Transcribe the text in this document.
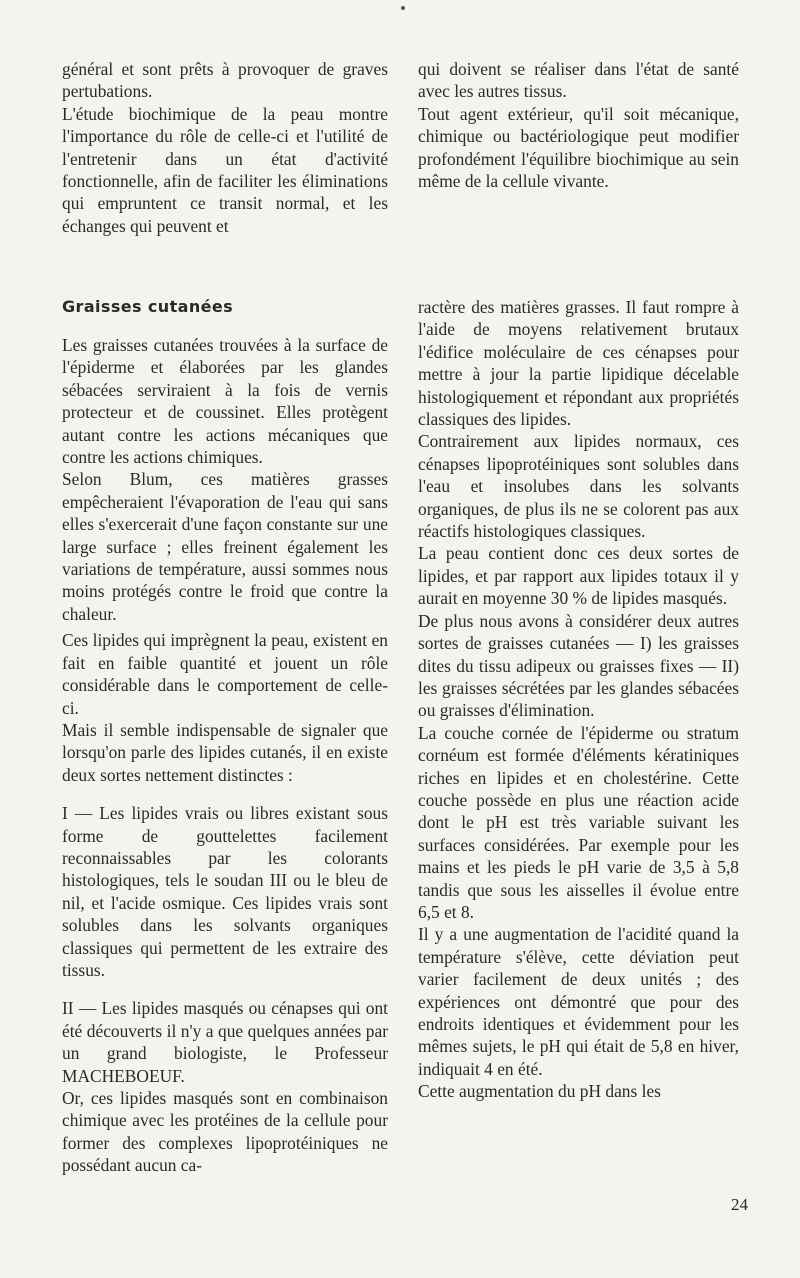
général et sont prêts à provoquer de graves pertubations.

L'étude biochimique de la peau montre l'importance du rôle de celle-ci et l'utilité de l'entretenir dans un état d'activité fonctionnelle, afin de faciliter les éliminations qui empruntent ce transit normal, et les échanges qui peuvent et

qui doivent se réaliser dans l'état de santé avec les autres tissus.

Tout agent extérieur, qu'il soit mécanique, chimique ou bactériologique peut modifier profondément l'équilibre biochimique au sein même de la cellule vivante.

Graisses cutanées

Les graisses cutanées trouvées à la surface de l'épiderme et élaborées par les glandes sébacées serviraient à la fois de vernis protecteur et de coussinet. Elles protègent autant contre les actions mécaniques que contre les actions chimiques.

Selon Blum, ces matières grasses empêcheraient l'évaporation de l'eau qui sans elles s'exercerait d'une façon constante sur une large surface ; elles freinent également les variations de température, aussi sommes nous moins protégés contre le froid que contre la chaleur.

Ces lipides qui imprègnent la peau, existent en fait en faible quantité et jouent un rôle considérable dans le comportement de celle-ci.

Mais il semble indispensable de signaler que lorsqu'on parle des lipides cutanés, il en existe deux sortes nettement distinctes :

I — Les lipides vrais ou libres existant sous forme de gouttelettes facilement reconnaissables par les colorants histologiques, tels le soudan III ou le bleu de nil, et l'acide osmique. Ces lipides vrais sont solubles dans les solvants organiques classiques qui permettent de les extraire des tissus.

II — Les lipides masqués ou cénapses qui ont été découverts il n'y a que quelques années par un grand biologiste, le Professeur MACHEBOEUF.

Or, ces lipides masqués sont en combinaison chimique avec les protéines de la cellule pour former des complexes lipoprotéiniques ne possédant aucun ca-

ractère des matières grasses. Il faut rompre à l'aide de moyens relativement brutaux l'édifice moléculaire de ces cénapses pour mettre à jour la partie lipidique décelable histologiquement et répondant aux propriétés classiques des lipides.

Contrairement aux lipides normaux, ces cénapses lipoprotéiniques sont solubles dans l'eau et insolubes dans les solvants organiques, de plus ils ne se colorent pas aux réactifs histologiques classiques.

La peau contient donc ces deux sortes de lipides, et par rapport aux lipides totaux il y aurait en moyenne 30 % de lipides masqués.

De plus nous avons à considérer deux autres sortes de graisses cutanées — I) les graisses dites du tissu adipeux ou graisses fixes — II) les graisses sécrétées par les glandes sébacées ou graisses d'élimination.

La couche cornée de l'épiderme ou stratum cornéum est formée d'éléments kératiniques riches en lipides et en cholestérine. Cette couche possède en plus une réaction acide dont le pH est très variable suivant les surfaces considérées. Par exemple pour les mains et les pieds le pH varie de 3,5 à 5,8 tandis que sous les aisselles il évolue entre 6,5 et 8.

Il y a une augmentation de l'acidité quand la température s'élève, cette déviation peut varier facilement de deux unités ; des expériences ont démontré que pour des endroits identiques et évidemment pour les mêmes sujets, le pH qui était de 5,8 en hiver, indiquait 4 en été.

Cette augmentation du pH dans les

24
